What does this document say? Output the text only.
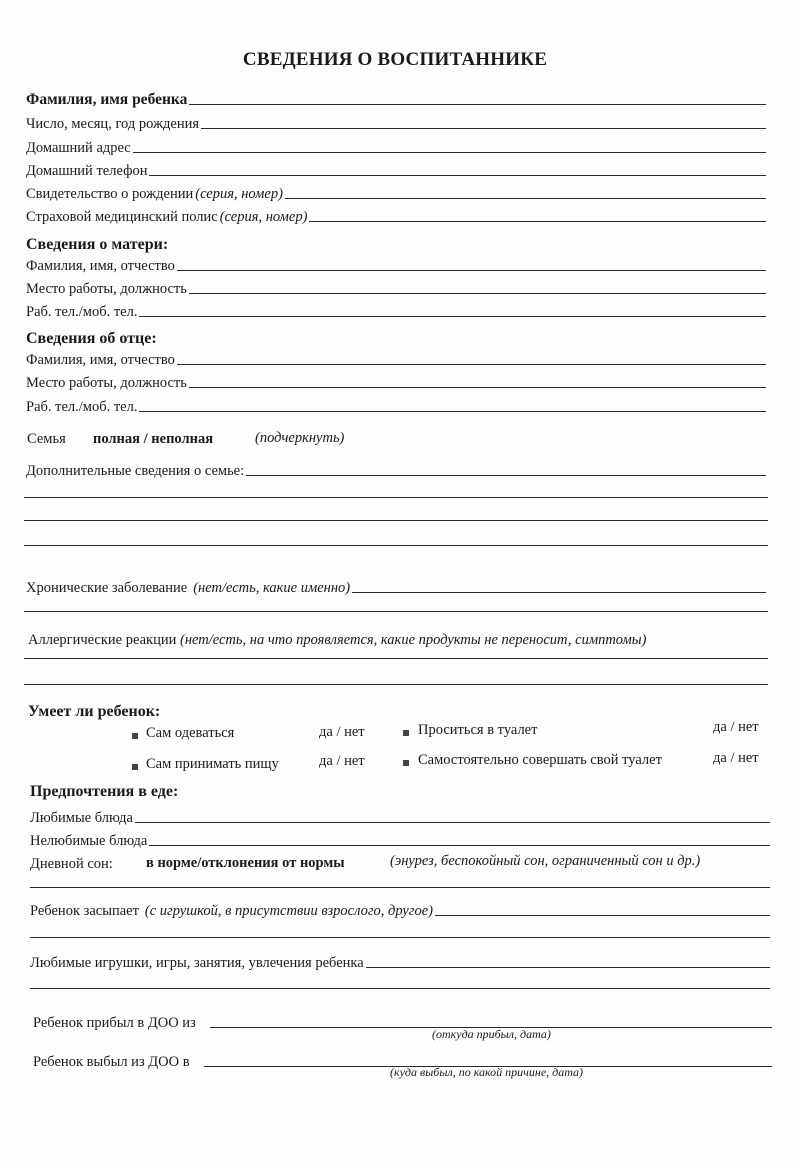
СВЕДЕНИЯ О ВОСПИТАННИКЕ
Фамилия, имя ребенка
Число, месяц, год рождения
Домашний адрес
Домашний телефон
Свидетельство о рождении (серия, номер)
Страховой медицинский полис (серия, номер)
Сведения о матери:
Фамилия, имя, отчество
Место работы, должность
Раб. тел./моб. тел.
Сведения об отце:
Фамилия, имя, отчество
Место работы, должность
Раб. тел./моб. тел.
Семья полная / неполная	(подчеркнуть)
Дополнительные сведения о семье:
Хронические заболевание (нет/есть, какие именно)
Аллергические реакции (нет/есть, на что проявляется, какие продукты не переносит, симптомы)
Умеет ли ребенок:
Сам одеваться	да / нет	Проситься в туалет	да / нет
Сам принимать пищу	да / нет	Самостоятельно совершать свой туалет	да / нет
Предпочтения в еде:
Любимые блюда
Нелюбимые блюда
Дневной сон: в норме/отклонения от нормы	(энурез, беспокойный сон, ограниченный сон и др.)
Ребенок засыпает (с игрушкой, в присутствии взрослого, другое)
Любимые игрушки, игры, занятия, увлечения ребенка
Ребенок прибыл в ДОО из
(откуда прибыл, дата)
Ребенок выбыл из ДОО в
(куда выбыл, по какой причине, дата)
